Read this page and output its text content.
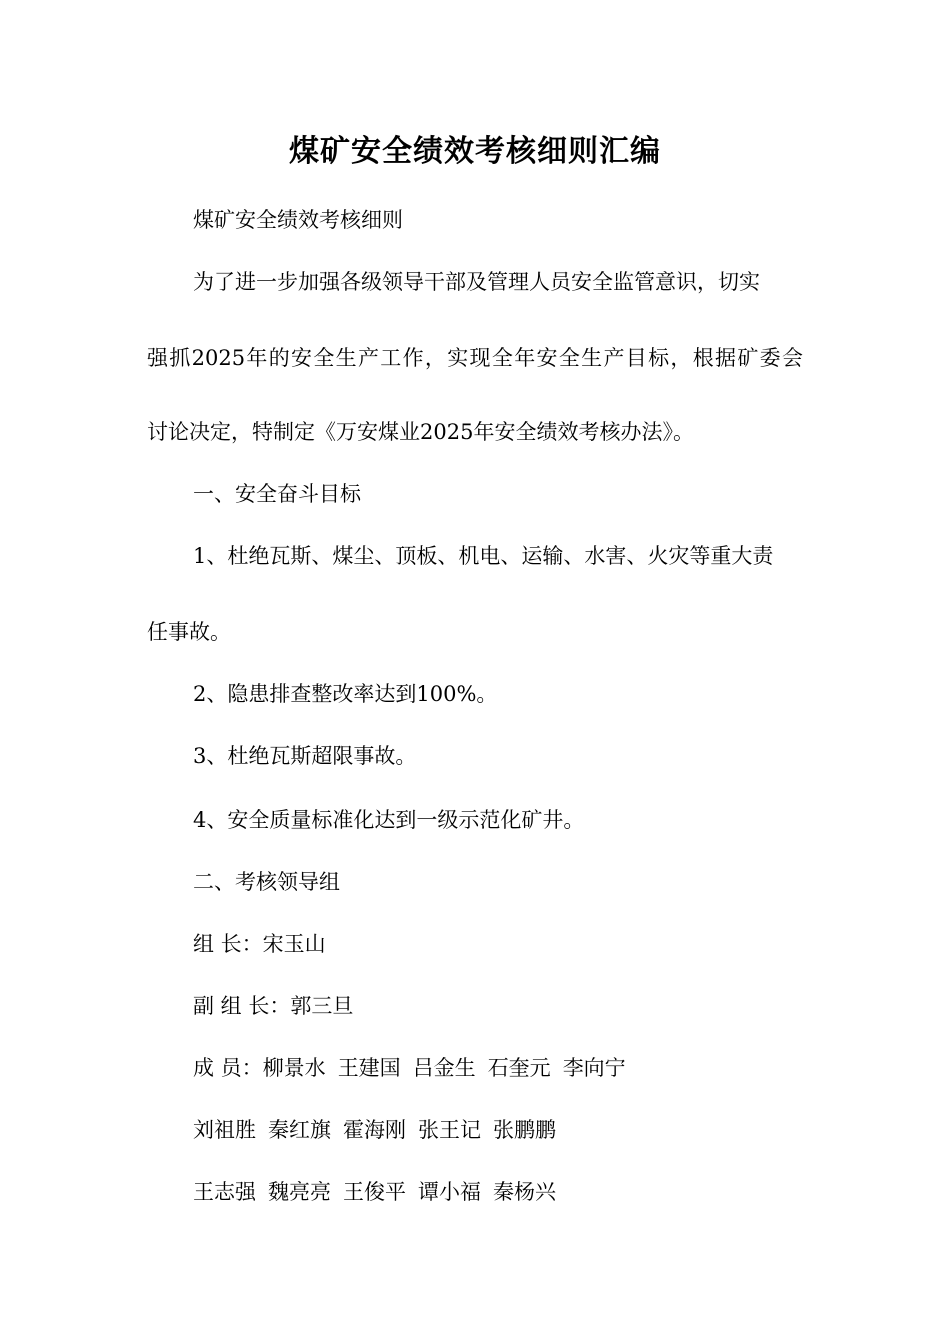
煤矿安全绩效考核细则汇编
煤矿安全绩效考核细则
为了进一步加强各级领导干部及管理人员安全监管意识，切实
强抓2025年的安全生产工作，实现全年安全生产目标，根据矿委会
讨论决定，特制定《万安煤业2025年安全绩效考核办法》。
一、安全奋斗目标
1、杜绝瓦斯、煤尘、顶板、机电、运输、水害、火灾等重大责
任事故。
2、隐患排查整改率达到100%。
3、杜绝瓦斯超限事故。
4、安全质量标准化达到一级示范化矿井。
二、考核领导组
组 长：宋玉山
副 组 长：郭三旦
成 员：柳景水 王建国 吕金生 石奎元 李向宁
刘祖胜 秦红旗 霍海刚 张王记 张鹏鹏
王志强 魏亮亮 王俊平 谭小福 秦杨兴
